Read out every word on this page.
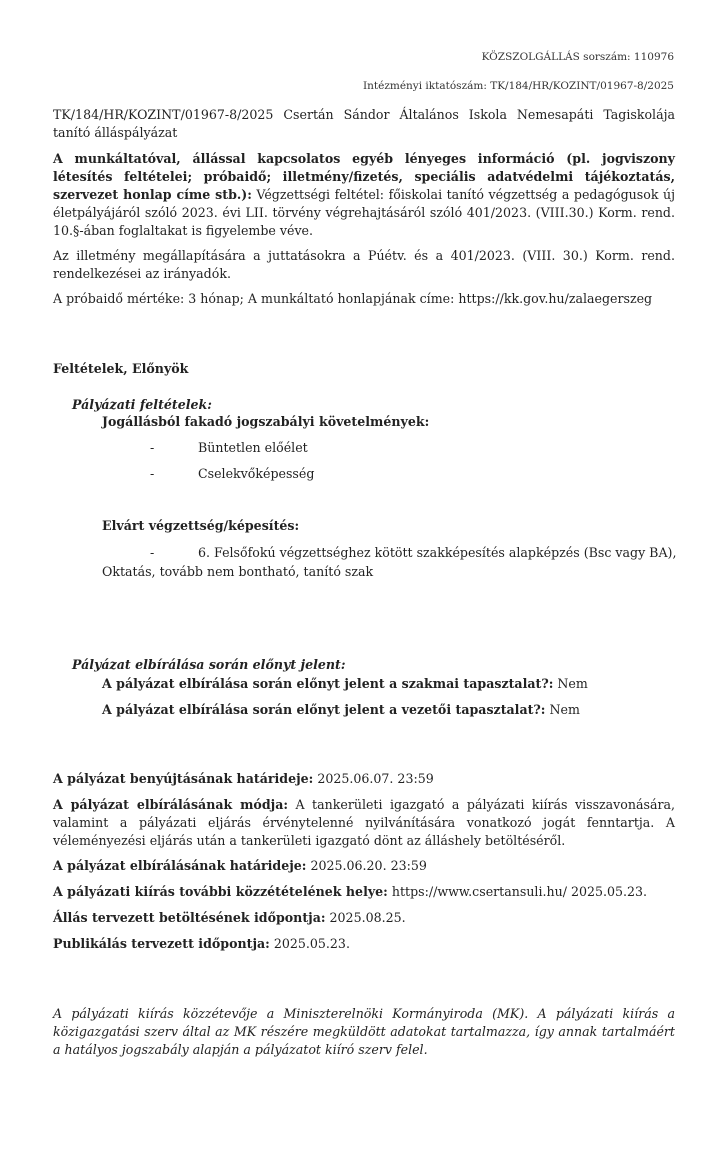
KÖZSZOLGÁLLÁS sorszám: 110976
Intézményi iktatószám: TK/184/HR/KOZINT/01967-8/2025
TK/184/HR/KOZINT/01967-8/2025 Csertán Sándor Általános Iskola Nemesapáti Tagiskolája tanító álláspályázat
A munkáltatóval, állással kapcsolatos egyéb lényeges információ (pl. jogviszony létesítés feltételei; próbaidő; illetmény/fizetés, speciális adatvédelmi tájékoztatás, szervezet honlap címe stb.): Végzettségi feltétel: főiskolai tanító végzettség a pedagógusok új életpályájáról szóló 2023. évi LII. törvény végrehajtásáról szóló 401/2023. (VIII.30.) Korm. rend. 10.§-ában foglaltakat is figyelembe véve.
Az illetmény megállapítására a juttatásokra a Púétv. és a 401/2023. (VIII. 30.) Korm. rend. rendelkezései az irányadók.
A próbaidő mértéke: 3 hónap; A munkáltató honlapjának címe: https://kk.gov.hu/zalaegerszeg
Feltételek, Előnyök
Pályázati feltételek:
Jogállásból fakadó jogszabályi követelmények:
-	Büntetlen előélet
-	Cselekvőképesség
Elvárt végzettség/képesítés:
-	6. Felsőfokú végzettséghez kötött szakképesítés alapképzés (Bsc vagy BA),
Oktatás, tovább nem bontható, tanító szak
Pályázat elbírálása során előnyt jelent:
A pályázat elbírálása során előnyt jelent a szakmai tapasztalat?: Nem
A pályázat elbírálása során előnyt jelent a vezetői tapasztalat?: Nem
A pályázat benyújtásának határideje: 2025.06.07. 23:59
A pályázat elbírálásának módja: A tankerületi igazgató a pályázati kiírás visszavonására, valamint a pályázati eljárás érvénytelenné nyilvánítására vonatkozó jogát fenntartja. A véleményezési eljárás után a tankerületi igazgató dönt az álláshely betöltéséről.
A pályázat elbírálásának határideje: 2025.06.20. 23:59
A pályázati kiírás további közzétételének helye: https://www.csertansuli.hu/ 2025.05.23.
Állás tervezett betöltésének időpontja: 2025.08.25.
Publikálás tervezett időpontja: 2025.05.23.
A pályázati kiírás közzétevője a Miniszterelnöki Kormányiroda (MK). A pályázati kiírás a közigazgatási szerv által az MK részére megküldött adatokat tartalmazza, így annak tartalmáért a hatályos jogszabály alapján a pályázatot kiíró szerv felel.
